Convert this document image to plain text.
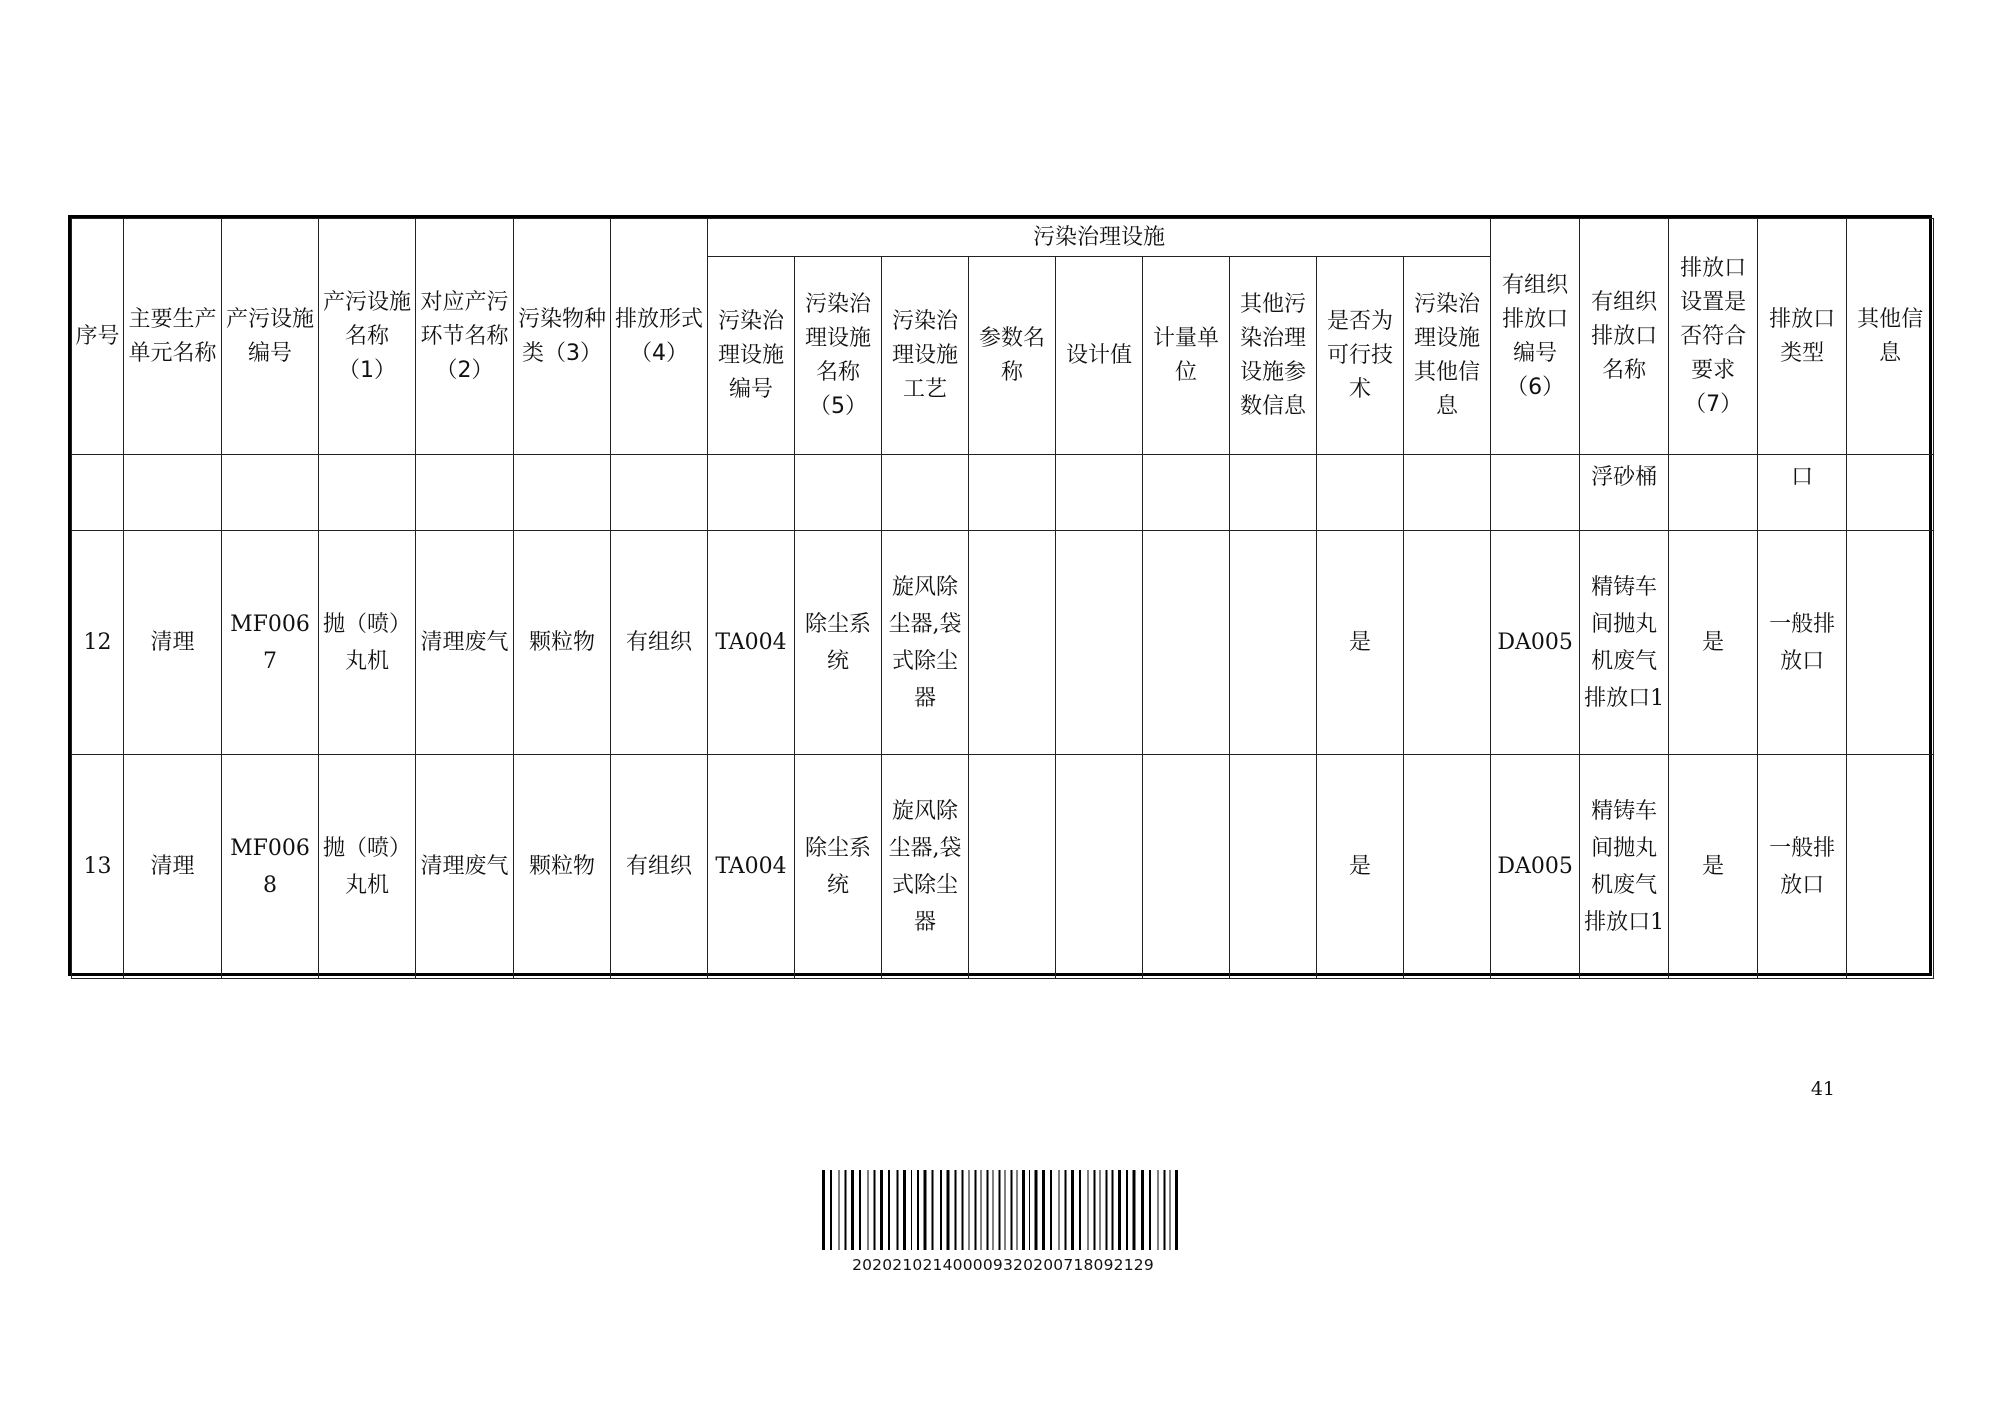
序号	主要生产单元名称	产污设施编号	产污设施名称（1）	对应产污环节名称（2）	污染物种类（3）	排放形式（4）	污染治理设施									有组织排放口编号（6）	有组织排放口名称	排放口设置是否符合要求（7）	排放口类型	其他信息
							污染治理设施编号	污染治理设施名称（5）	污染治理设施工艺	参数名称	设计值	计量单位	其他污染治理设施参数信息	是否为可行技术	污染治理设施其他信息					
																	浮砂桶		口	
12	清理	MF0067	抛（喷）丸机	清理废气	颗粒物	有组织	TA004	除尘系统	旋风除尘器,袋式除尘器					是		DA005	精铸车间抛丸机废气排放口1	是	一般排放口	
13	清理	MF0068	抛（喷）丸机	清理废气	颗粒物	有组织	TA004	除尘系统	旋风除尘器,袋式除尘器					是		DA005	精铸车间抛丸机废气排放口1	是	一般排放口	
41
202021021400009320200718092129
